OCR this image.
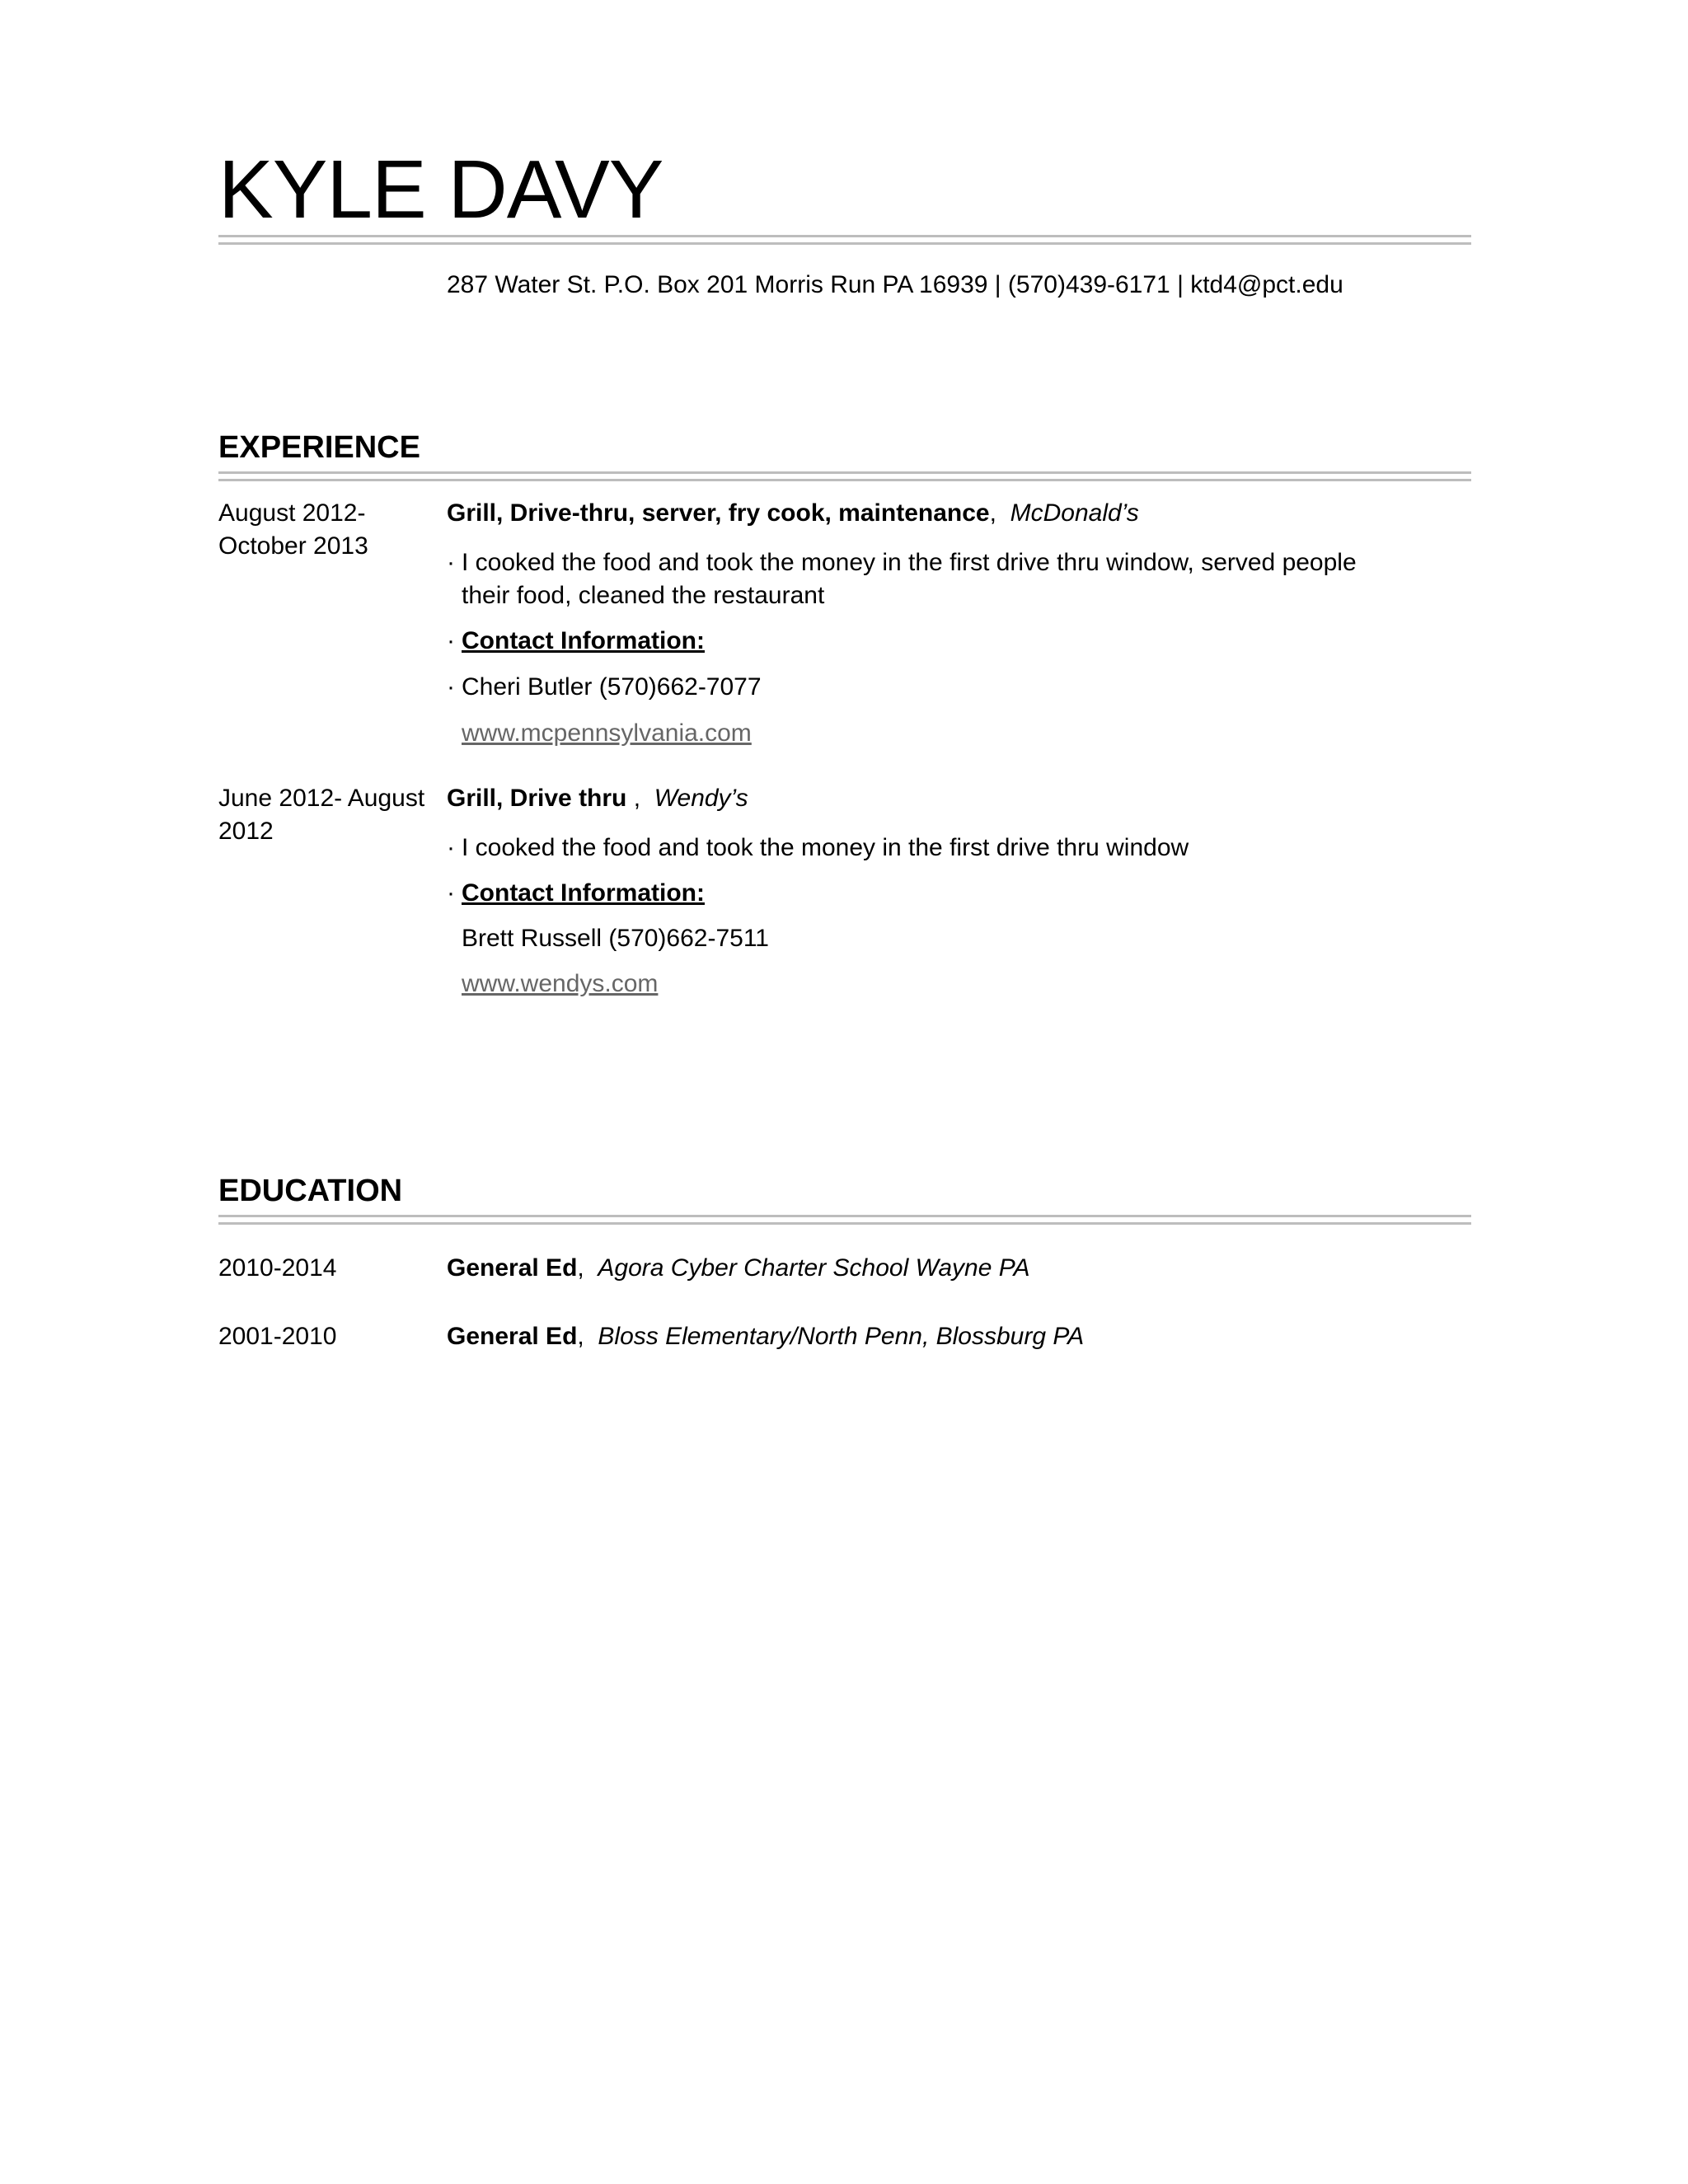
KYLE DAVY
287 Water St. P.O. Box 201 Morris Run PA 16939 | (570)439-6171 | ktd4@pct.edu
EXPERIENCE
August 2012-
October 2013
Grill, Drive-thru, server, fry cook, maintenance,  McDonald’s
· I cooked the food and took the money in the first drive thru window, served people their food, cleaned the restaurant
· Contact Information:
· Cheri Butler (570)662-7077
www.mcpennsylvania.com
June 2012- August
2012
Grill, Drive thru ,  Wendy’s
· I cooked the food and took the money in the first drive thru window
· Contact Information:
Brett Russell (570)662-7511
www.wendys.com
EDUCATION
2010-2014	General Ed,  Agora Cyber Charter School Wayne PA
2001-2010	General Ed,  Bloss Elementary/North Penn, Blossburg PA
